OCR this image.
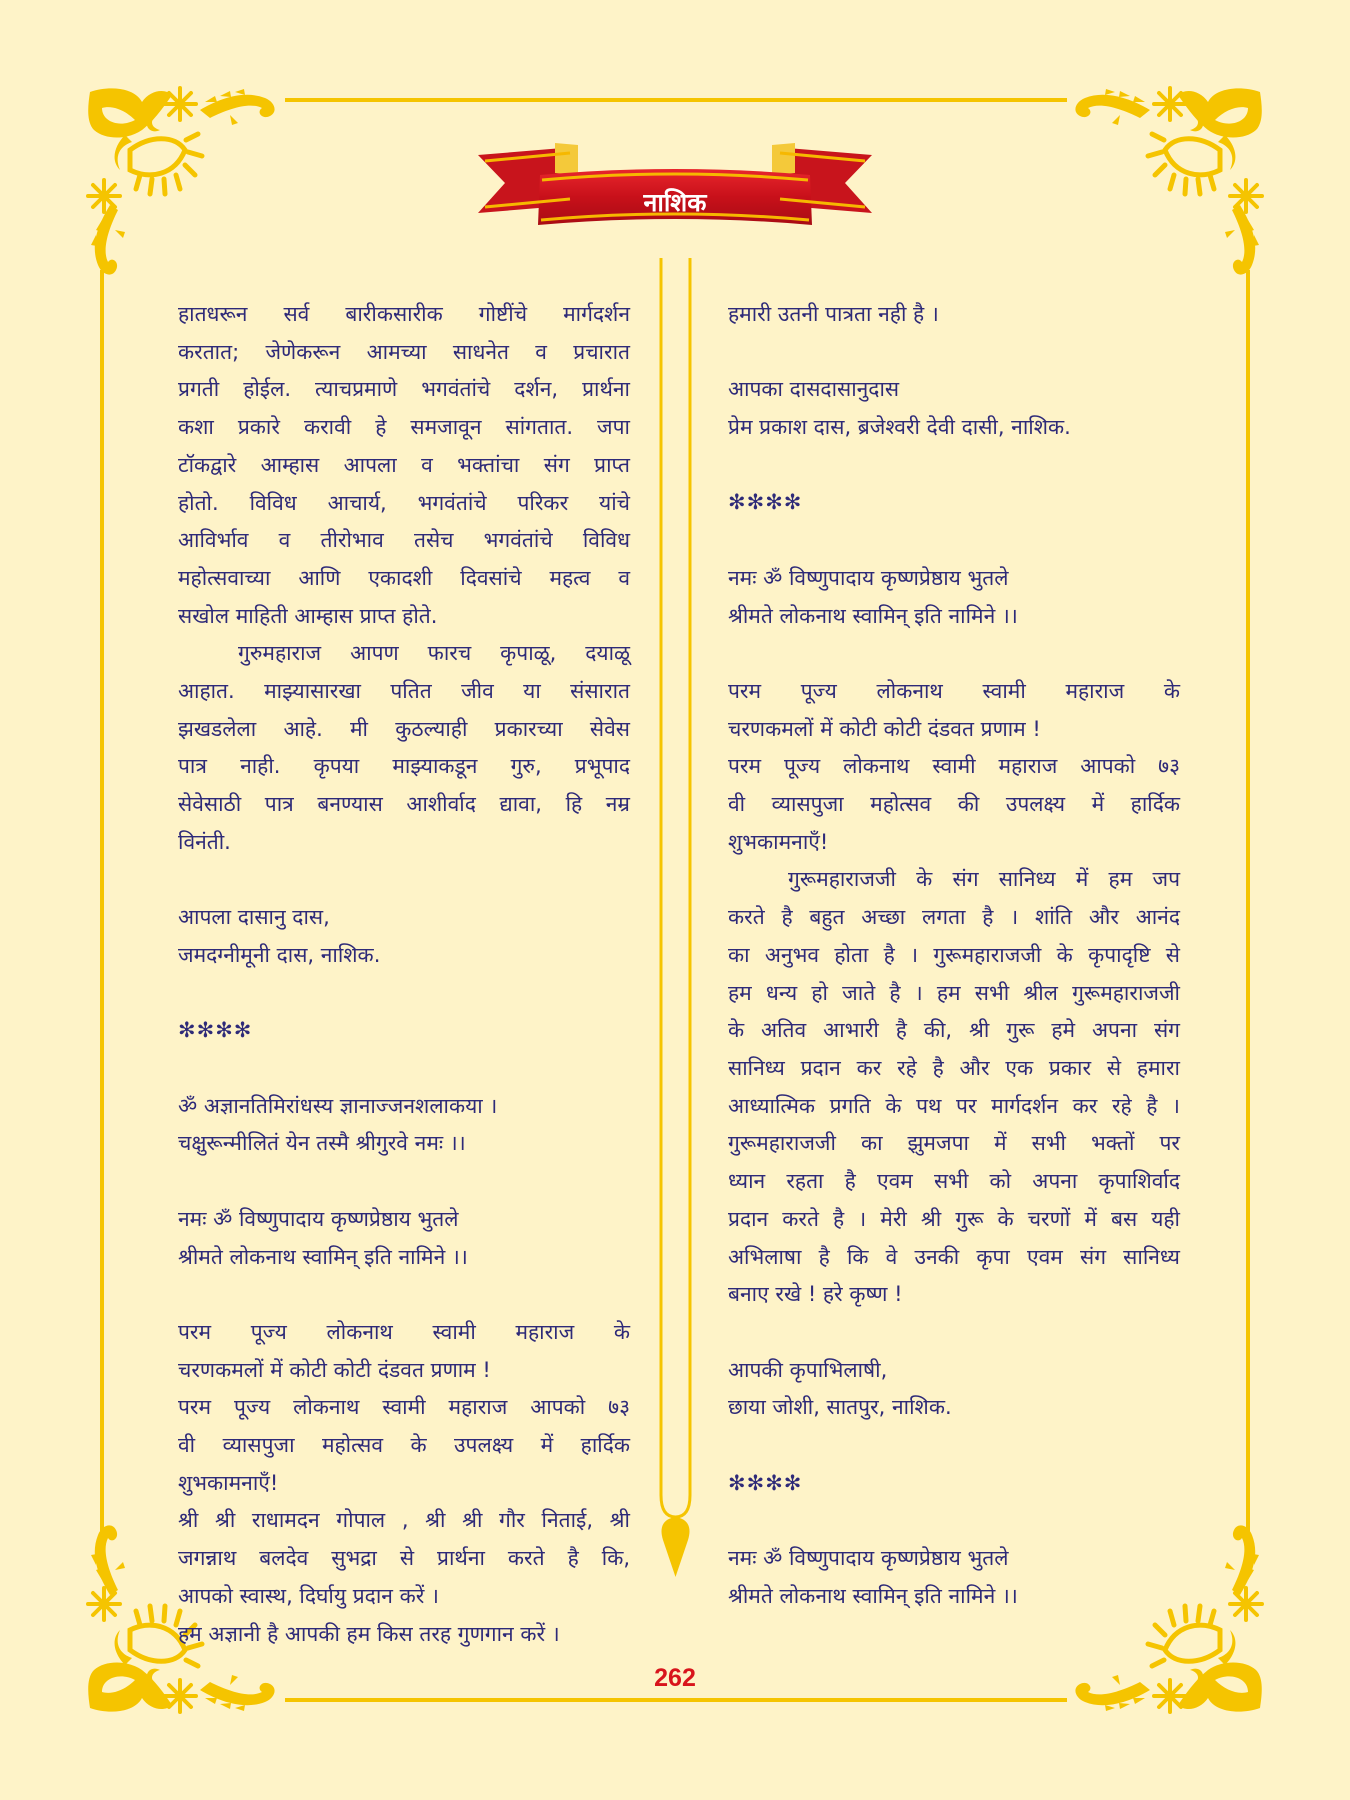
नाशिक

हातधरून सर्व बारीकसारीक गोष्टींचे मार्गदर्शन

करतात; जेणेकरून आमच्या साधनेत व प्रचारात

प्रगती होईल. त्याचप्रमाणे भगवंतांचे दर्शन, प्रार्थना

कशा प्रकारे करावी हे समजावून सांगतात. जपा

टॉकद्वारे आम्हास आपला व भक्तांचा संग प्राप्त

होतो. विविध आचार्य, भगवंतांचे परिकर यांचे

आविर्भाव व तीरोभाव तसेच भगवंतांचे विविध

महोत्सवाच्या आणि एकादशी दिवसांचे महत्व व

सखोल माहिती आम्हास प्राप्त होते.

गुरुमहाराज आपण फारच कृपाळू, दयाळू

आहात. माझ्यासारखा पतित जीव या संसारात

झखडलेला आहे. मी कुठल्याही प्रकारच्या सेवेस

पात्र नाही. कृपया माझ्याकडून गुरु, प्रभूपाद

सेवेसाठी पात्र बनण्यास आशीर्वाद द्यावा, हि नम्र

विनंती.

आपला दासानु दास,

जमदग्नीमूनी दास, नाशिक.

✻✻✻✻

ॐ अज्ञानतिमिरांधस्य ज्ञानाज्जनशलाकया ।

चक्षुरून्मीलितं येन तस्मै श्रीगुरवे नमः ।।

नमः ॐ विष्णुपादाय कृष्णप्रेष्ठाय भुतले

श्रीमते लोकनाथ स्वामिन् इति नामिने ।।

परम पूज्य लोकनाथ स्वामी महाराज के

चरणकमलों में कोटी कोटी दंडवत प्रणाम !

परम पूज्य लोकनाथ स्वामी महाराज आपको ७३

वी व्यासपुजा महोत्सव के उपलक्ष्य में हार्दिक

शुभकामनाएँ!

श्री श्री राधामदन गोपाल , श्री श्री गौर निताई, श्री

जगन्नाथ बलदेव सुभद्रा से प्रार्थना करते है कि,

आपको स्वास्थ, दिर्घायु प्रदान करें ।

हम अज्ञानी है आपकी हम किस तरह गुणगान करें ।

हमारी उतनी पात्रता नही है ।

आपका दासदासानुदास

प्रेम प्रकाश दास, ब्रजेश्वरी देवी दासी, नाशिक.

✻✻✻✻

नमः ॐ विष्णुपादाय कृष्णप्रेष्ठाय भुतले

श्रीमते लोकनाथ स्वामिन् इति नामिने ।।

परम पूज्य लोकनाथ स्वामी महाराज के

चरणकमलों में कोटी कोटी दंडवत प्रणाम !

परम पूज्य लोकनाथ स्वामी महाराज आपको ७३

वी व्यासपुजा महोत्सव की उपलक्ष्य में हार्दिक

शुभकामनाएँ!

गुरूमहाराजजी के संग सानिध्य में हम जप

करते है बहुत अच्छा लगता है । शांति और आनंद

का अनुभव होता है । गुरूमहाराजजी के कृपादृष्टि से

हम धन्य हो जाते है । हम सभी श्रील गुरूमहाराजजी

के अतिव आभारी है की, श्री गुरू हमे अपना संग

सानिध्य प्रदान कर रहे है और एक प्रकार से हमारा

आध्यात्मिक प्रगति के पथ पर मार्गदर्शन कर रहे है ।

गुरूमहाराजजी का झुमजपा में सभी भक्तों पर

ध्यान रहता है एवम सभी को अपना कृपाशिर्वाद

प्रदान करते है । मेरी श्री गुरू के चरणों में बस यही

अभिलाषा है कि वे उनकी कृपा एवम संग सानिध्य

बनाए रखे ! हरे कृष्ण !

आपकी कृपाभिलाषी,

छाया जोशी, सातपुर, नाशिक.

✻✻✻✻

नमः ॐ विष्णुपादाय कृष्णप्रेष्ठाय भुतले

श्रीमते लोकनाथ स्वामिन् इति नामिने ।।

262
